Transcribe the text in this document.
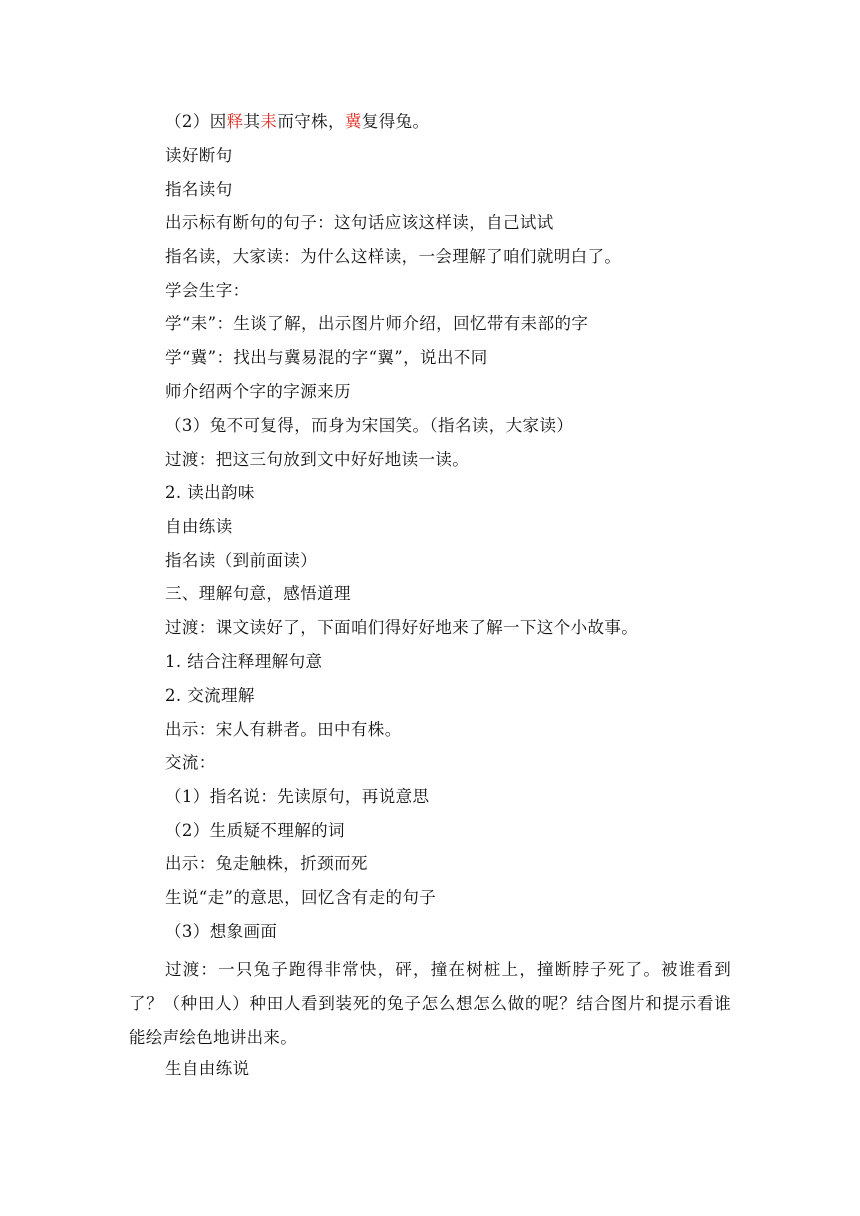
（2）因释其耒而守株，冀复得兔。
读好断句
指名读句
出示标有断句的句子：这句话应该这样读，自己试试
指名读，大家读：为什么这样读，一会理解了咱们就明白了。
学会生字：
学“耒”：生谈了解，出示图片师介绍，回忆带有耒部的字
学“冀”：找出与冀易混的字“翼”，说出不同
师介绍两个字的字源来历
（3）兔不可复得，而身为宋国笑。（指名读，大家读）
过渡：把这三句放到文中好好地读一读。
2. 读出韵味
自由练读
指名读（到前面读）
三、理解句意，感悟道理
过渡：课文读好了，下面咱们得好好地来了解一下这个小故事。
1. 结合注释理解句意
2. 交流理解
出示：宋人有耕者。田中有株。
交流：
（1）指名说：先读原句，再说意思
（2）生质疑不理解的词
出示：兔走触株，折颈而死
生说“走”的意思，回忆含有走的句子
（3）想象画面
过渡：一只兔子跑得非常快，砰，撞在树桩上，撞断脖子死了。被谁看到了？（种田人）种田人看到装死的兔子怎么想怎么做的呢？结合图片和提示看谁能绘声绘色地讲出来。
生自由练说
